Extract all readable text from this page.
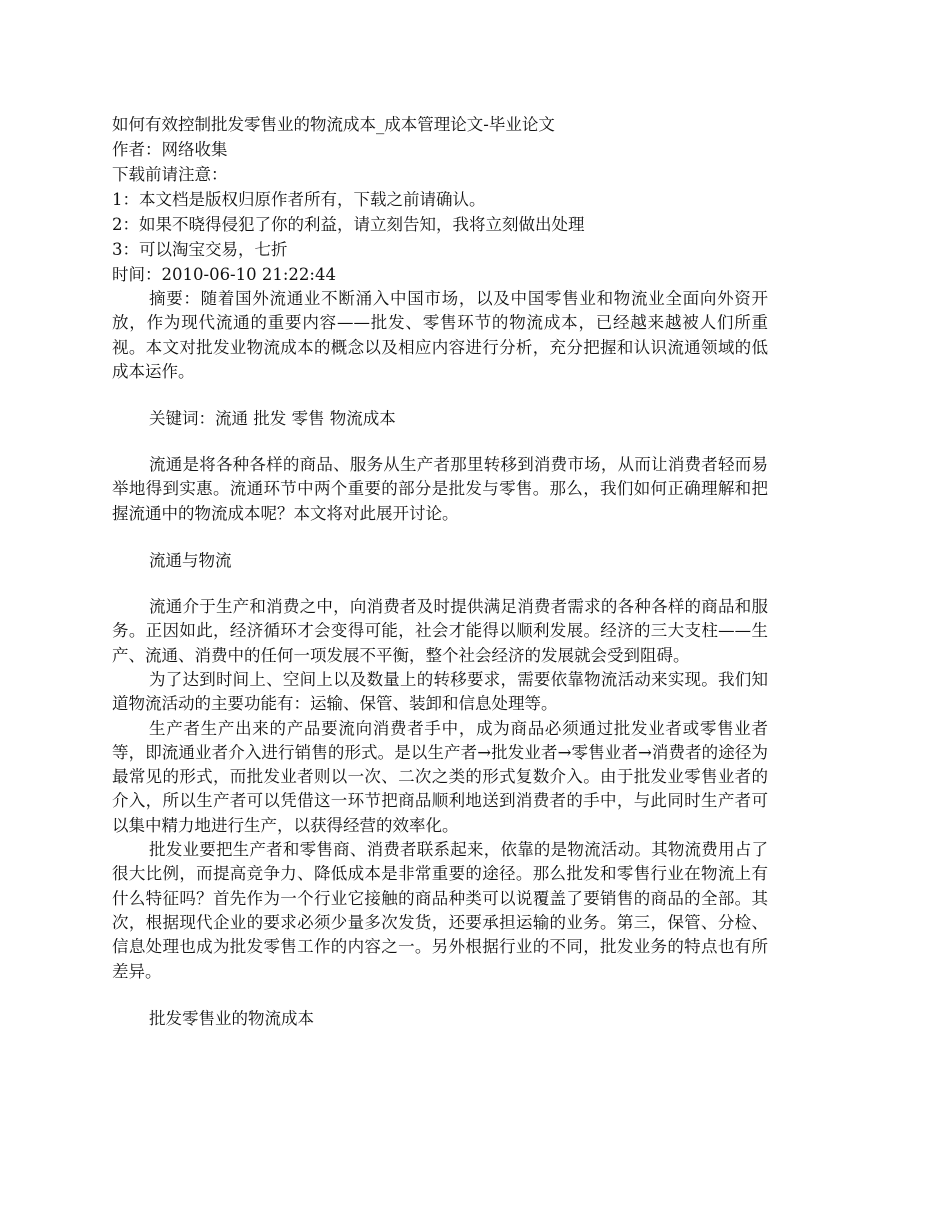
如何有效控制批发零售业的物流成本_成本管理论文-毕业论文
作者：网络收集
下载前请注意：
1：本文档是版权归原作者所有，下载之前请确认。
2：如果不晓得侵犯了你的利益，请立刻告知，我将立刻做出处理
3：可以淘宝交易，七折
时间：2010-06-10 21:22:44

摘要：随着国外流通业不断涌入中国市场，以及中国零售业和物流业全面向外资开放，作为现代流通的重要内容——批发、零售环节的物流成本，已经越来越被人们所重视。本文对批发业物流成本的概念以及相应内容进行分析，充分把握和认识流通领域的低成本运作。

关键词：流通 批发 零售 物流成本

流通是将各种各样的商品、服务从生产者那里转移到消费市场，从而让消费者轻而易举地得到实惠。流通环节中两个重要的部分是批发与零售。那么，我们如何正确理解和把握流通中的物流成本呢？本文将对此展开讨论。

流通与物流

流通介于生产和消费之中，向消费者及时提供满足消费者需求的各种各样的商品和服务。正因如此，经济循环才会变得可能，社会才能得以顺利发展。经济的三大支柱——生产、流通、消费中的任何一项发展不平衡，整个社会经济的发展就会受到阻碍。

为了达到时间上、空间上以及数量上的转移要求，需要依靠物流活动来实现。我们知道物流活动的主要功能有：运输、保管、装卸和信息处理等。

生产者生产出来的产品要流向消费者手中，成为商品必须通过批发业者或零售业者等，即流通业者介入进行销售的形式。是以生产者→批发业者→零售业者→消费者的途径为最常见的形式，而批发业者则以一次、二次之类的形式复数介入。由于批发业零售业者的介入，所以生产者可以凭借这一环节把商品顺利地送到消费者的手中，与此同时生产者可以集中精力地进行生产，以获得经营的效率化。

批发业要把生产者和零售商、消费者联系起来，依靠的是物流活动。其物流费用占了很大比例，而提高竞争力、降低成本是非常重要的途径。那么批发和零售行业在物流上有什么特征吗？首先作为一个行业它接触的商品种类可以说覆盖了要销售的商品的全部。其次，根据现代企业的要求必须少量多次发货，还要承担运输的业务。第三，保管、分检、信息处理也成为批发零售工作的内容之一。另外根据行业的不同，批发业务的特点也有所差异。

批发零售业的物流成本
